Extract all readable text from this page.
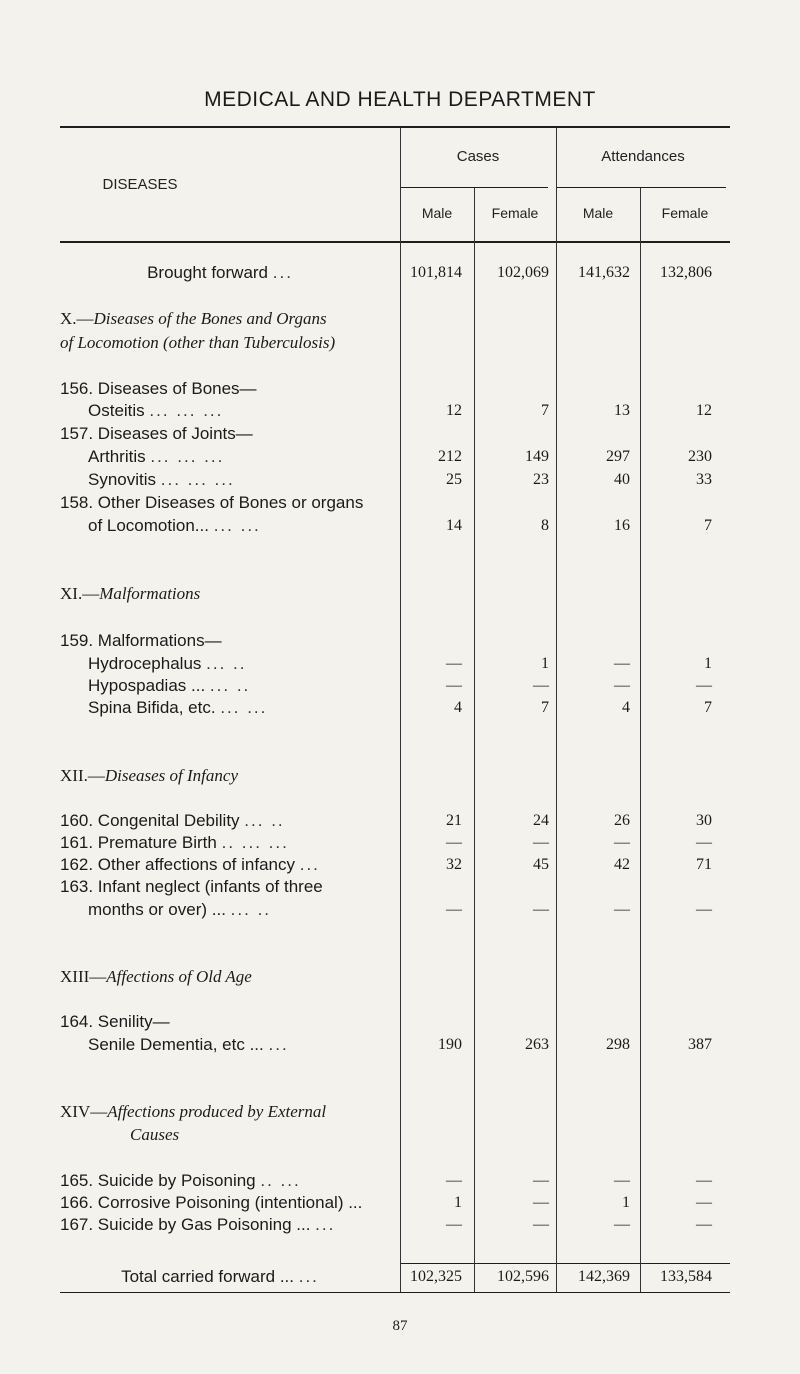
MEDICAL AND HEALTH DEPARTMENT
DISEASES
Cases	Attendances
Male	Female	Male	Female
Brought forward ...	101,814	102,069	141,632	132,806
X.—Diseases of the Bones and Organs
of Locomotion (other than Tuberculosis)
156. Diseases of Bones—
Osteitis ... ... ...	12	7	13	12
157. Diseases of Joints—
Arthritis ... ... ...	212	149	297	230
Synovitis ... ... ...	25	23	40	33
158. Other Diseases of Bones or organs
of Locomotion... ... ...	14	8	16	7
XI.—Malformations
159. Malformations—
Hydrocephalus ... ..	—	1	—	1
Hypospadias ... ... ..	—	—	—	—
Spina Bifida, etc. ... ...	4	7	4	7
XII.—Diseases of Infancy
160. Congenital Debility ... ..	21	24	26	30
161. Premature Birth .. ... ...	—	—	—	—
162. Other affections of infancy ...	32	45	42	71
163. Infant neglect (infants of three
months or over) ... ... ..	—	—	—	—
XIII—Affections of Old Age
164. Senility—
Senile Dementia, etc ... ...	190	263	298	387
XIV—Affections produced by External
Causes
165. Suicide by Poisoning .. ...	—	—	—	—
166. Corrosive Poisoning (intentional) ...	1	—	1	—
167. Suicide by Gas Poisoning ... ...	—	—	—	—
Total carried forward ... ...	102,325	102,596	142,369	133,584
87
